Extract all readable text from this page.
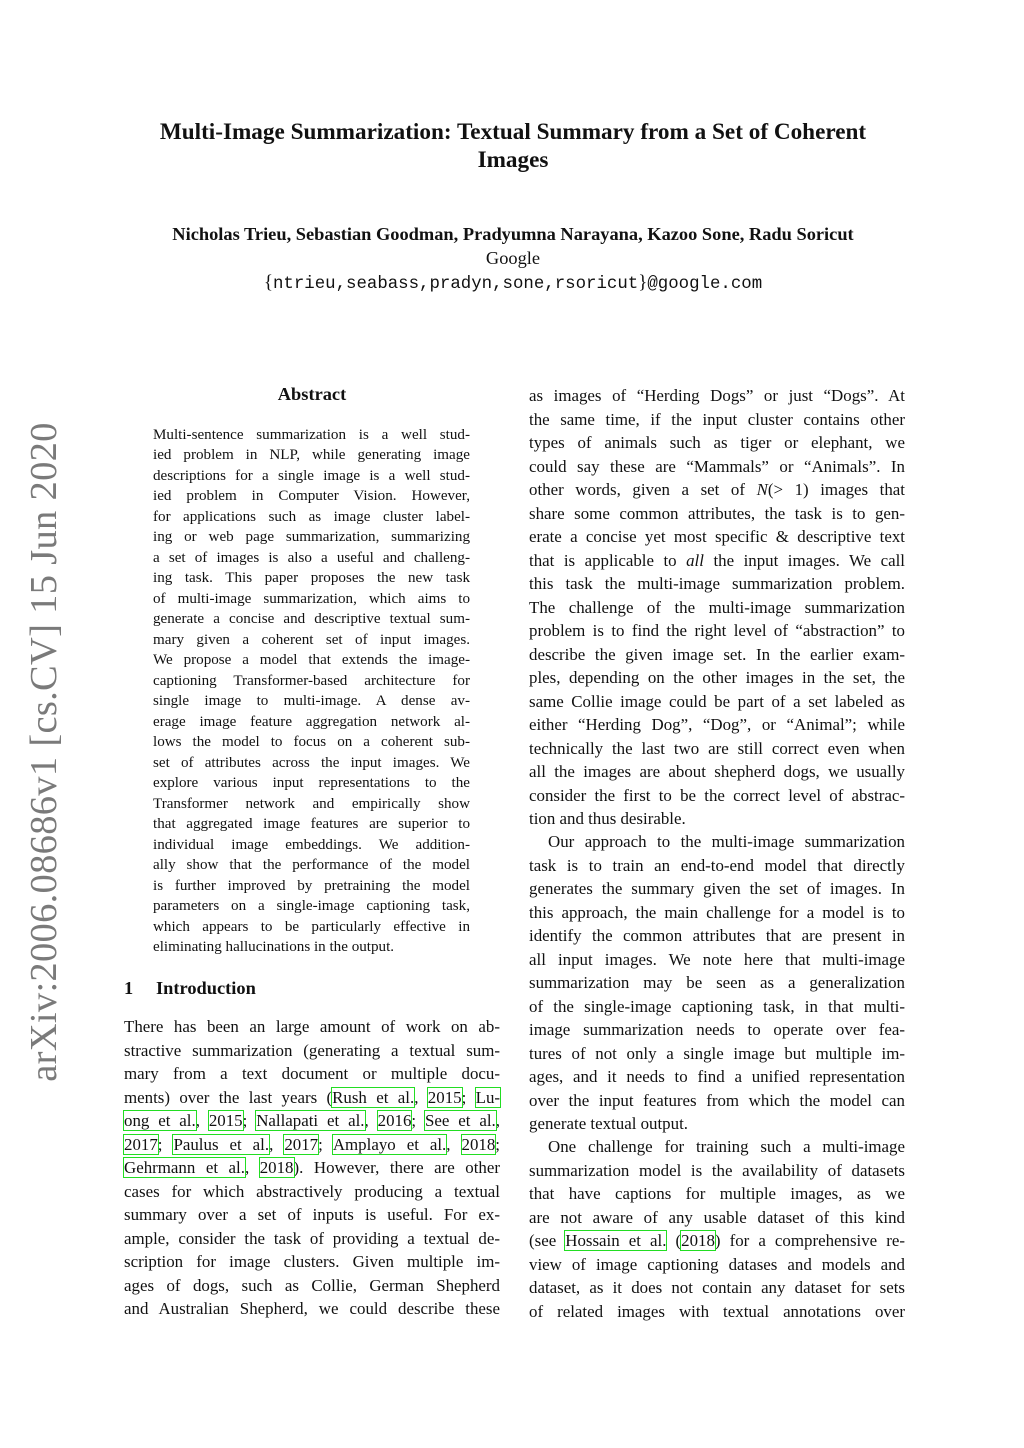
arXiv:2006.08686v1 [cs.CV] 15 Jun 2020
Multi-Image Summarization: Textual Summary from a Set of Coherent
Images
Nicholas Trieu, Sebastian Goodman, Pradyumna Narayana, Kazoo Sone, Radu Soricut
Google
{ntrieu,seabass,pradyn,sone,rsoricut}@google.com
Abstract
Multi-sentence summarization is a well stud-
ied problem in NLP, while generating image
descriptions for a single image is a well stud-
ied problem in Computer Vision. However,
for applications such as image cluster label-
ing or web page summarization, summarizing
a set of images is also a useful and challeng-
ing task. This paper proposes the new task
of multi-image summarization, which aims to
generate a concise and descriptive textual sum-
mary given a coherent set of input images.
We propose a model that extends the image-
captioning Transformer-based architecture for
single image to multi-image. A dense av-
erage image feature aggregation network al-
lows the model to focus on a coherent sub-
set of attributes across the input images. We
explore various input representations to the
Transformer network and empirically show
that aggregated image features are superior to
individual image embeddings. We addition-
ally show that the performance of the model
is further improved by pretraining the model
parameters on a single-image captioning task,
which appears to be particularly effective in
eliminating hallucinations in the output.
1 Introduction
There has been an large amount of work on ab-
stractive summarization (generating a textual sum-
mary from a text document or multiple docu-
ments) over the last years (Rush et al., 2015; Lu-
ong et al., 2015; Nallapati et al., 2016; See et al.,
2017; Paulus et al., 2017; Amplayo et al., 2018;
Gehrmann et al., 2018). However, there are other
cases for which abstractively producing a textual
summary over a set of inputs is useful. For ex-
ample, consider the task of providing a textual de-
scription for image clusters. Given multiple im-
ages of dogs, such as Collie, German Shepherd
and Australian Shepherd, we could describe these
as images of “Herding Dogs” or just “Dogs”. At
the same time, if the input cluster contains other
types of animals such as tiger or elephant, we
could say these are “Mammals” or “Animals”. In
other words, given a set of N(> 1) images that
share some common attributes, the task is to gen-
erate a concise yet most specific & descriptive text
that is applicable to all the input images. We call
this task the multi-image summarization problem.
The challenge of the multi-image summarization
problem is to find the right level of “abstraction” to
describe the given image set. In the earlier exam-
ples, depending on the other images in the set, the
same Collie image could be part of a set labeled as
either “Herding Dog”, “Dog”, or “Animal”; while
technically the last two are still correct even when
all the images are about shepherd dogs, we usually
consider the first to be the correct level of abstrac-
tion and thus desirable.
Our approach to the multi-image summarization
task is to train an end-to-end model that directly
generates the summary given the set of images. In
this approach, the main challenge for a model is to
identify the common attributes that are present in
all input images. We note here that multi-image
summarization may be seen as a generalization
of the single-image captioning task, in that multi-
image summarization needs to operate over fea-
tures of not only a single image but multiple im-
ages, and it needs to find a unified representation
over the input features from which the model can
generate textual output.
One challenge for training such a multi-image
summarization model is the availability of datasets
that have captions for multiple images, as we
are not aware of any usable dataset of this kind
(see Hossain et al. (2018) for a comprehensive re-
view of image captioning datases and models and
dataset, as it does not contain any dataset for sets
of related images with textual annotations over
